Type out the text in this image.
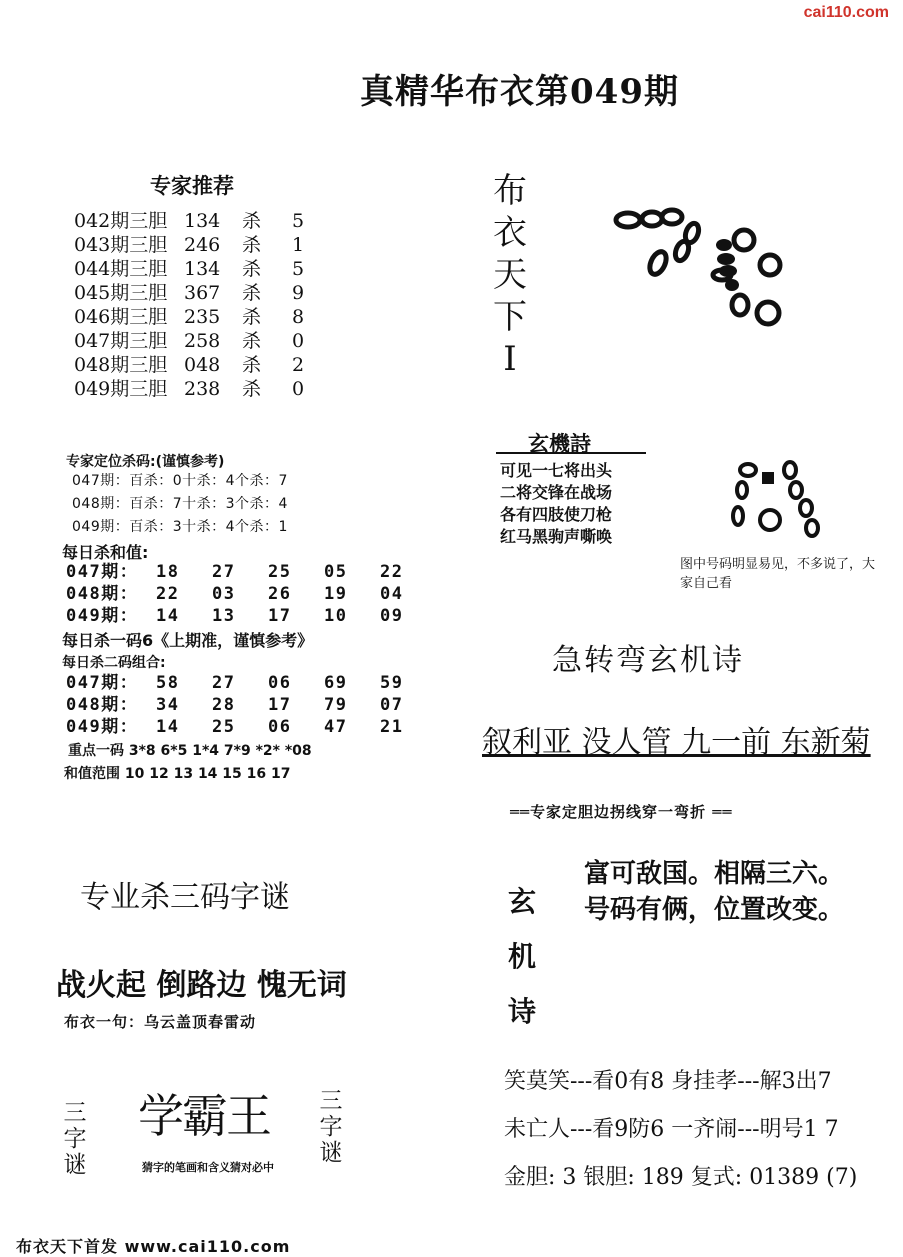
cai110.com
真精华布衣第049期
专家推荐
042期三胆 134 杀 5
043期三胆 246 杀 1
044期三胆 134 杀 5
045期三胆 367 杀 9
046期三胆 235 杀 8
047期三胆 258 杀 0
048期三胆 048 杀 2
049期三胆 238 杀 0
专家定位杀码:(谨慎参考)
047期：百杀：0十杀：4个杀：7
048期：百杀：7十杀：3个杀：4
049期：百杀：3十杀：4个杀：1
每日杀和值:
047期： 18 27 25 05 22
048期： 22 03 26 19 04
049期： 14 13 17 10 09
每日杀一码6《上期准，谨慎参考》
每日杀二码组合:
047期： 58 27 06 69 59
048期： 34 28 17 79 07
049期： 14 25 06 47 21
重点一码 3*8 6*5 1*4 7*9 *2* *08
和值范围 10 12 13 14 15 16 17
专业杀三码字谜
战火起 倒路边 愧无词
布衣一句：乌云盖顶春雷动
三字谜
学霸王
猜字的笔画和含义猜对必中
三字谜
布衣天下首发 www.cai110.com
布衣天下I
玄機詩
可见一七将出头
二将交锋在战场
各有四肢使刀枪
红马黑驹声嘶唤
图中号码明显易见，不多说了，大家自己看
急转弯玄机诗
叙利亚 没人管 九一前 东新菊
══专家定胆边拐线穿一弯折 ══
玄机诗
富可敌国。相隔三六。
号码有俩，位置改变。
笑莫笑---看0有8 身挂孝---解3出7
未亡人---看9防6 一齐闹---明号1 7
金胆: 3 银胆: 189 复式: 01389 (7)
